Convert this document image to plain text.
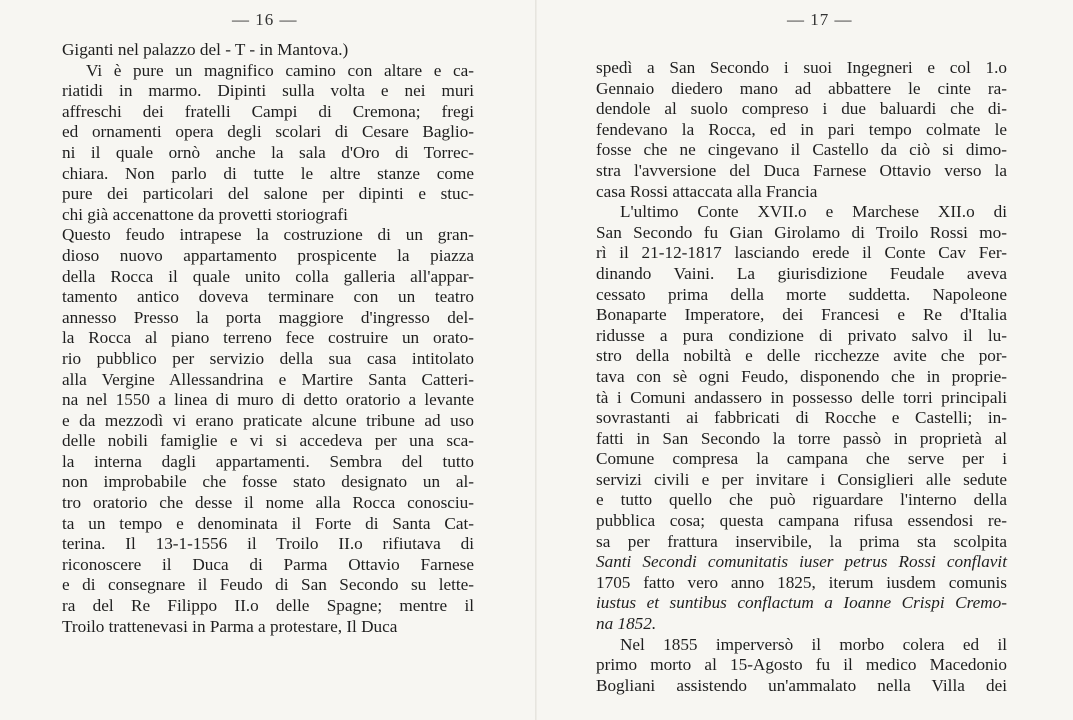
— 16 —
Giganti nel palazzo del - T - in Mantova.)
Vi è pure un magnifico camino con altare e ca-
riatidi in marmo. Dipinti sulla volta e nei muri
affreschi dei fratelli Campi di Cremona; fregi
ed ornamenti opera degli scolari di Cesare Baglio-
ni il quale ornò anche la sala d'Oro di Torrec-
chiara. Non parlo di tutte le altre stanze come
pure dei particolari del salone per dipinti e stuc-
chi già accenattone da provetti storiografi
Questo feudo intrapese la costruzione di un gran-
dioso nuovo appartamento prospicente la piazza
della Rocca il quale unito colla galleria all'appar-
tamento antico doveva terminare con un teatro
annesso Presso la porta maggiore d'ingresso del-
la Rocca al piano terreno fece costruire un orato-
rio pubblico per servizio della sua casa intitolato
alla Vergine Allessandrina e Martire Santa Catteri-
na nel 1550 a linea di muro di detto oratorio a levante
e da mezzodì vi erano praticate alcune tribune ad uso
delle nobili famiglie e vi si accedeva per una sca-
la interna dagli appartamenti. Sembra del tutto
non improbabile che fosse stato designato un al-
tro oratorio che desse il nome alla Rocca conosciu-
ta un tempo e denominata il Forte di Santa Cat-
terina. Il 13-1-1556 il Troilo II.o rifiutava di
riconoscere il Duca di Parma Ottavio Farnese
e di consegnare il Feudo di San Secondo su lette-
ra del Re Filippo II.o delle Spagne; mentre il
Troilo trattenevasi in Parma a protestare, Il Duca
— 17 —
spedì a San Secondo i suoi Ingegneri e col 1.o
Gennaio diedero mano ad abbattere le cinte ra-
dendole al suolo compreso i due baluardi che di-
fendevano la Rocca, ed in pari tempo colmate le
fosse che ne cingevano il Castello da ciò si dimo-
stra l'avversione del Duca Farnese Ottavio verso la
casa Rossi attaccata alla Francia
L'ultimo Conte XVII.o e Marchese XII.o di
San Secondo fu Gian Girolamo di Troilo Rossi mo-
rì il 21-12-1817 lasciando erede il Conte Cav Fer-
dinando Vaini. La giurisdizione Feudale aveva
cessato prima della morte suddetta. Napoleone
Bonaparte Imperatore, dei Francesi e Re d'Italia
ridusse a pura condizione di privato salvo il lu-
stro della nobiltà e delle ricchezze avite che por-
tava con sè ogni Feudo, disponendo che in proprie-
tà i Comuni andassero in possesso delle torri principali
sovrastanti ai fabbricati di Rocche e Castelli; in-
fatti in San Secondo la torre passò in proprietà al
Comune compresa la campana che serve per i
servizi civili e per invitare i Consiglieri alle sedute
e tutto quello che può riguardare l'interno della
pubblica cosa; questa campana rifusa essendosi re-
sa per frattura inservibile, la prima sta scolpita
Santi Secondi comunitatis iuser petrus Rossi conflavit
1705 fatto vero anno 1825, iterum iusdem comunis
iustus et suntibus conflactum a Ioanne Crispi Cremo-
na 1852.
Nel 1855 imperversò il morbo colera ed il
primo morto al 15-Agosto fu il medico Macedonio
Bogliani assistendo un'ammalato nella Villa dei
